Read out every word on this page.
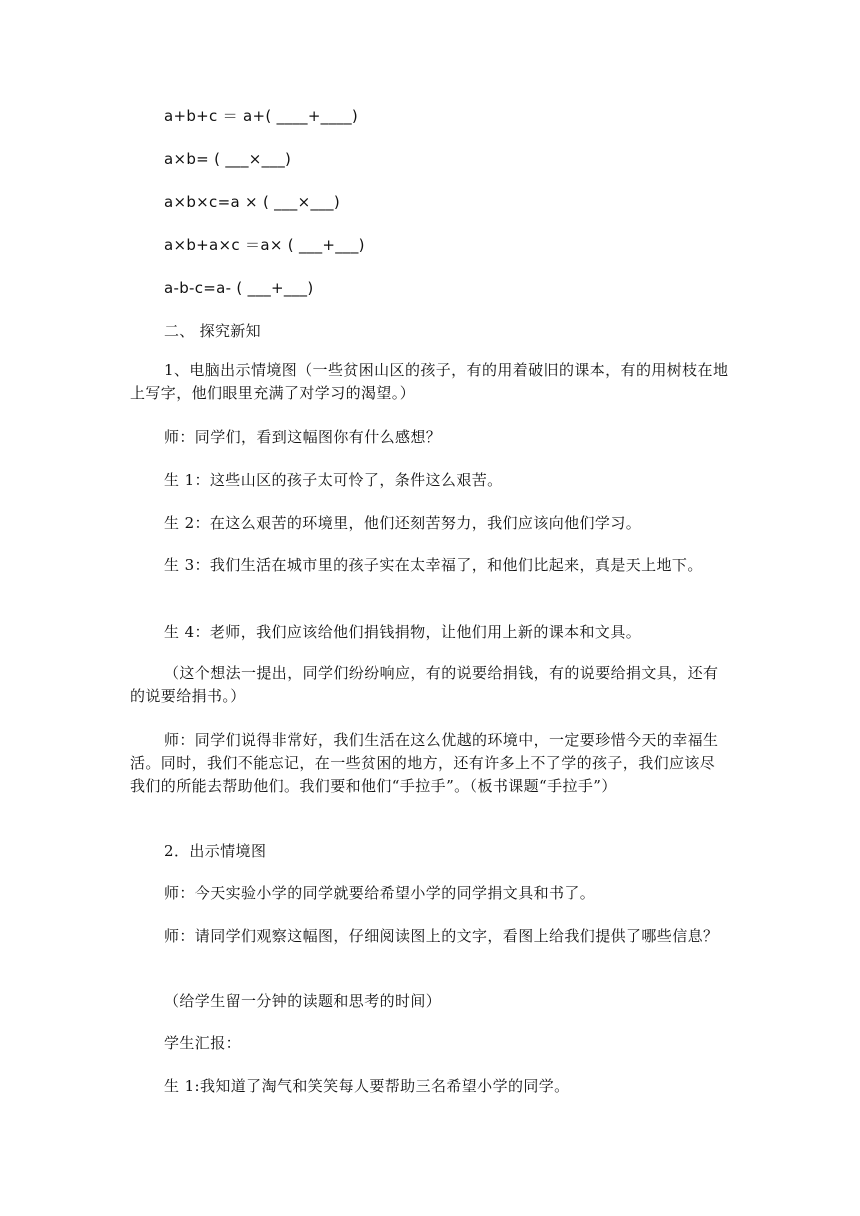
a+b+c ＝ a+( ____+____)
a×b= ( ___×___)
a×b×c=a × ( ___×___)
a×b+a×c ＝a× ( ___+___)
a-b-c=a- ( ___+___)
二、 探究新知
1、电脑出示情境图（一些贫困山区的孩子，有的用着破旧的课本，有的用树枝在地上写字，他们眼里充满了对学习的渴望。）
师：同学们，看到这幅图你有什么感想？
生 1：这些山区的孩子太可怜了，条件这么艰苦。
生 2：在这么艰苦的环境里，他们还刻苦努力，我们应该向他们学习。
生 3：我们生活在城市里的孩子实在太幸福了，和他们比起来，真是天上地下。
生 4：老师，我们应该给他们捐钱捐物，让他们用上新的课本和文具。
（这个想法一提出，同学们纷纷响应，有的说要给捐钱，有的说要给捐文具，还有的说要给捐书。）
师：同学们说得非常好，我们生活在这么优越的环境中，一定要珍惜今天的幸福生活。同时，我们不能忘记，在一些贫困的地方，还有许多上不了学的孩子，我们应该尽我们的所能去帮助他们。我们要和他们“手拉手”。（板书课题“手拉手”）
2．出示情境图
师：今天实验小学的同学就要给希望小学的同学捐文具和书了。
师：请同学们观察这幅图，仔细阅读图上的文字，看图上给我们提供了哪些信息？
（给学生留一分钟的读题和思考的时间）
学生汇报：
生 1:我知道了淘气和笑笑每人要帮助三名希望小学的同学。
